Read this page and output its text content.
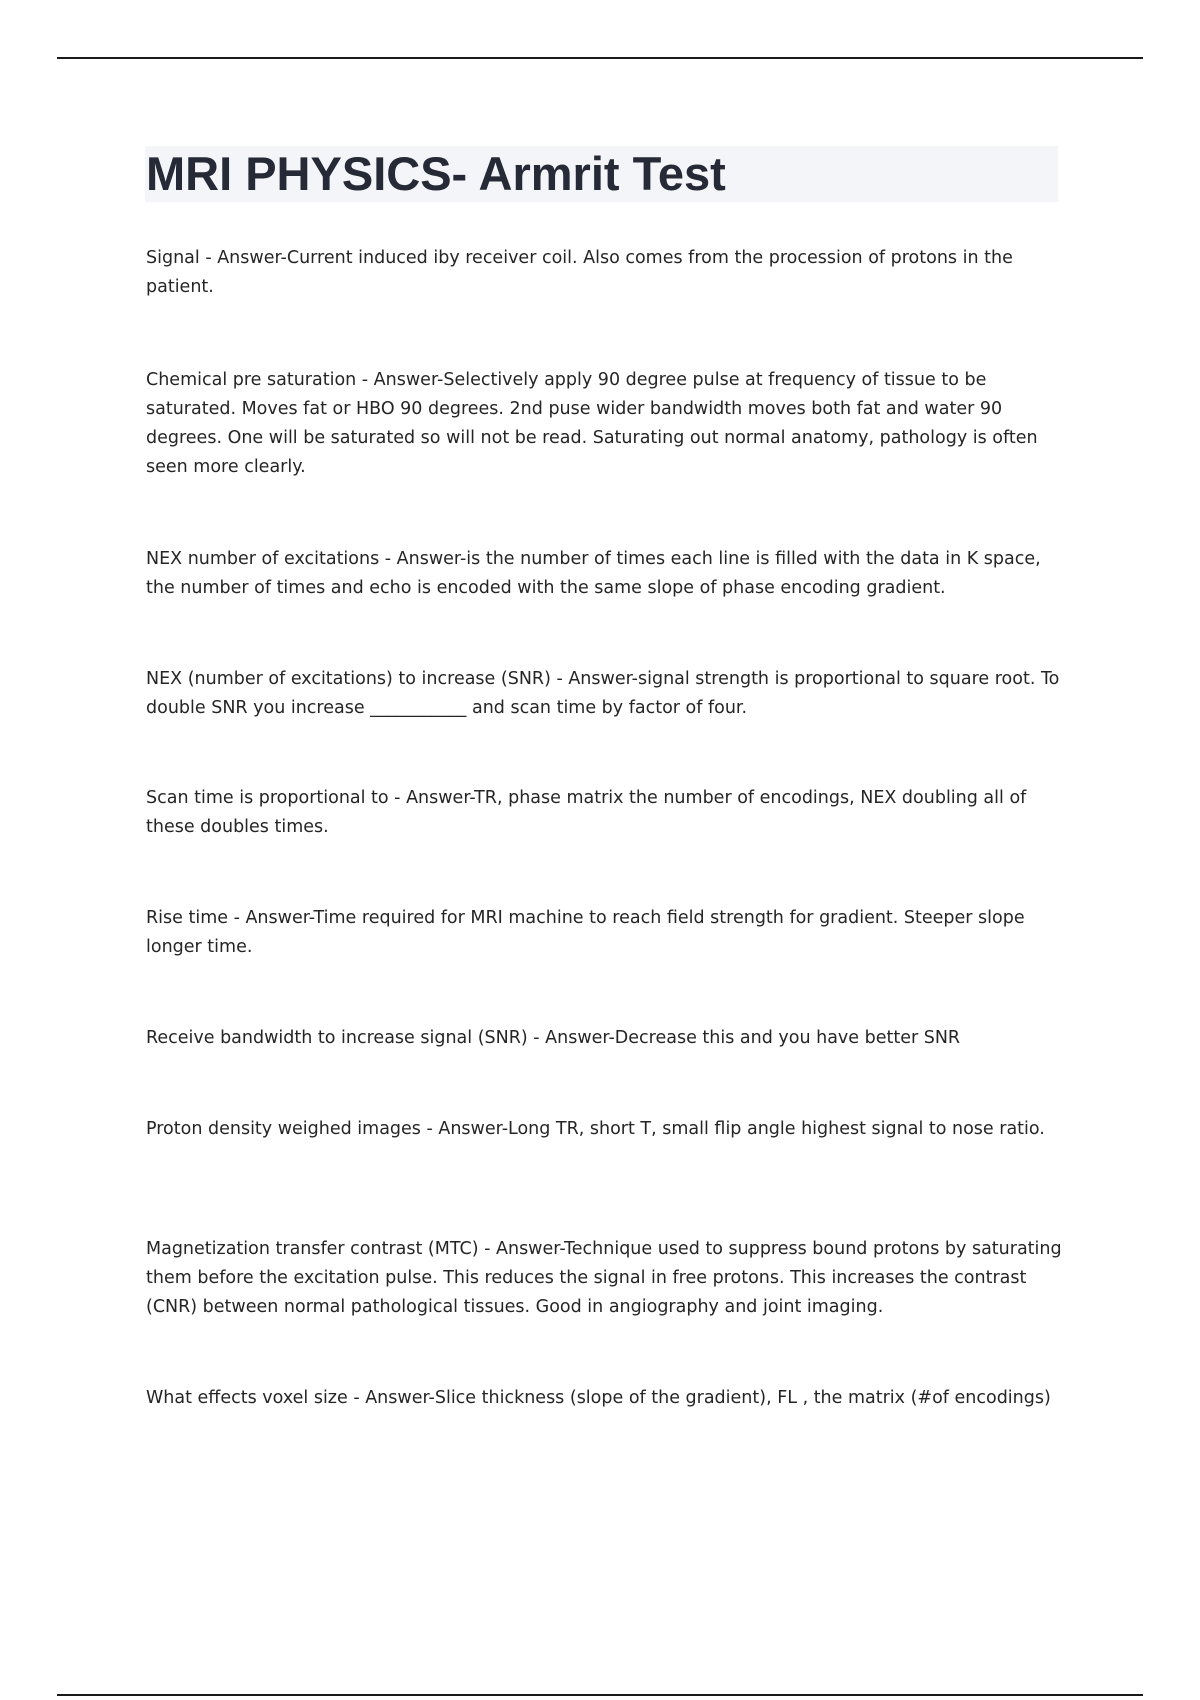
MRI PHYSICS- Armrit Test

Signal - Answer-Current induced iby receiver coil. Also comes from the procession of protons in the patient.

Chemical pre saturation - Answer-Selectively apply 90 degree pulse at frequency of tissue to be saturated. Moves fat or HBO 90 degrees. 2nd puse wider bandwidth moves both fat and water 90 degrees. One will be saturated so will not be read. Saturating out normal anatomy, pathology is often seen more clearly.

NEX number of excitations - Answer-is the number of times each line is filled with the data in K space, the number of times and echo is encoded with the same slope of phase encoding gradient.

NEX (number of excitations) to increase (SNR) - Answer-signal strength is proportional to square root. To double SNR you increase ___________ and scan time by factor of four.

Scan time is proportional to - Answer-TR, phase matrix the number of encodings, NEX doubling all of these doubles times.

Rise time - Answer-Time required for MRI machine to reach field strength for gradient. Steeper slope longer time.

Receive bandwidth to increase signal (SNR) - Answer-Decrease this and you have better SNR

Proton density weighed images - Answer-Long TR, short T, small flip angle highest signal to nose ratio.

Magnetization transfer contrast (MTC) - Answer-Technique used to suppress bound protons by saturating them before the excitation pulse. This reduces the signal in free protons. This increases the contrast (CNR) between normal pathological tissues. Good in angiography and joint imaging.

What effects voxel size - Answer-Slice thickness (slope of the gradient), FL , the matrix (#of encodings)
